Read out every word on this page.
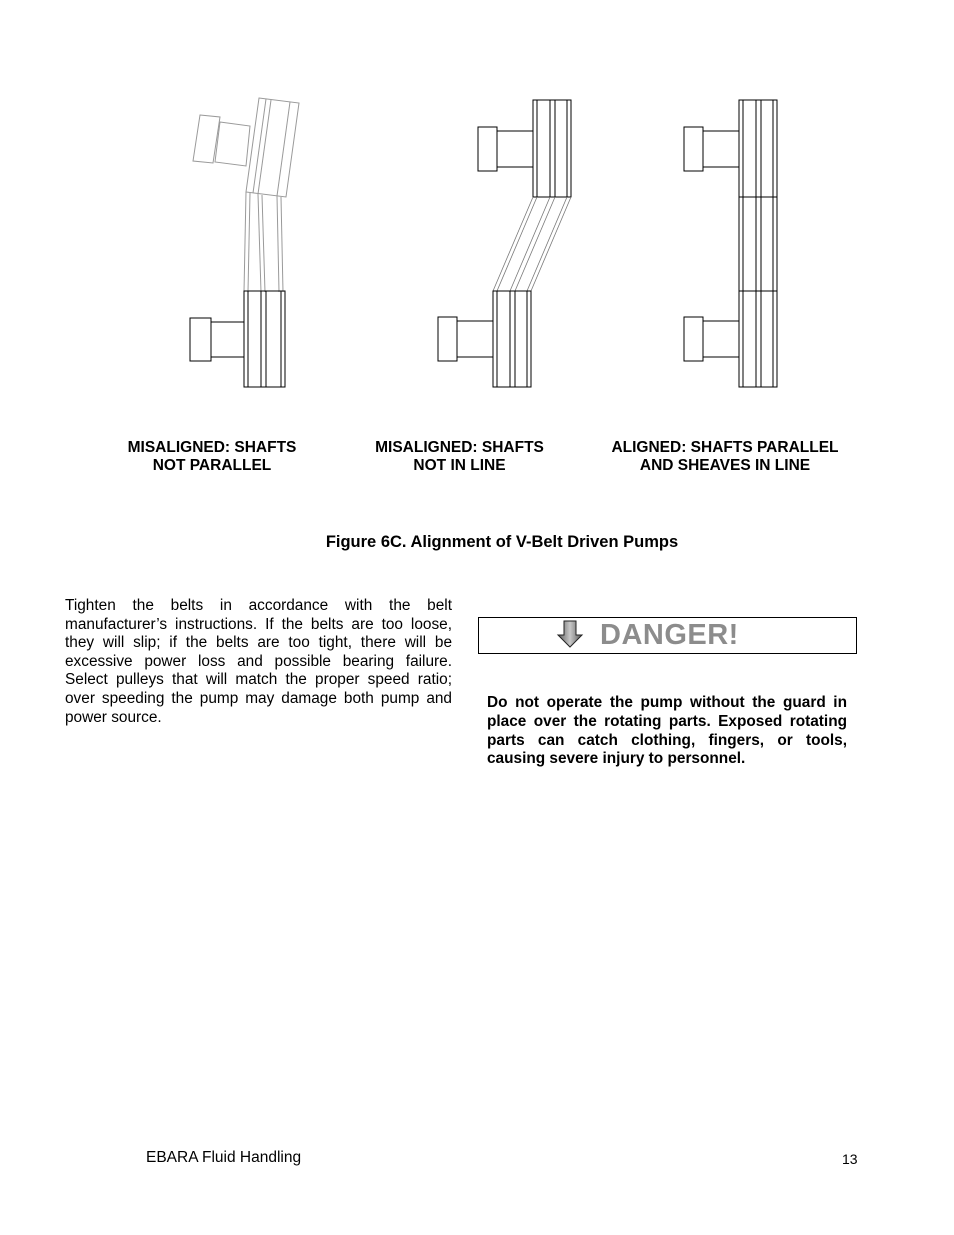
MISALIGNED: SHAFTS
NOT PARALLEL
MISALIGNED: SHAFTS
NOT IN LINE
ALIGNED: SHAFTS PARALLEL
AND SHEAVES IN LINE
Figure 6C. Alignment of V-Belt Driven Pumps
Tighten the belts in accordance with the belt manufacturer’s instructions. If the belts are too loose, they will slip; if the belts are too tight, there will be excessive power loss and possible bearing failure. Select pulleys that will match the proper speed ratio; over speeding the pump may damage both pump and power source.
DANGER!
Do not operate the pump without the guard in place over the rotating parts. Exposed rotating parts can catch clothing, fingers, or tools, causing severe injury to personnel.
EBARA Fluid Handling	13
